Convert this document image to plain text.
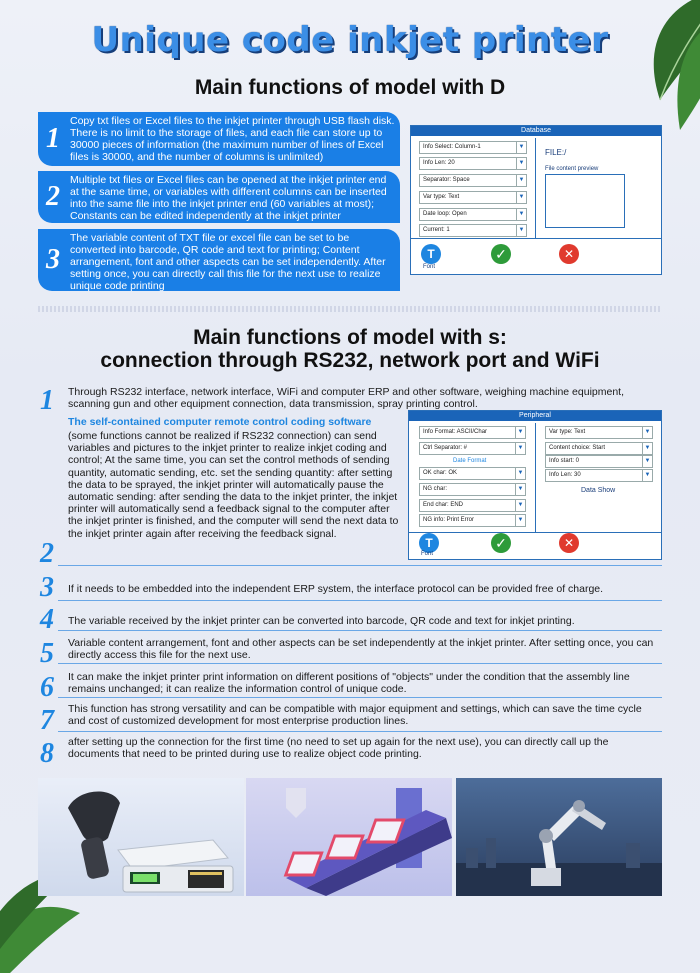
Unique code inkjet printer
Main functions of model with D
1
Copy txt files or Excel files to the inkjet printer through USB flash disk. There is no limit to the storage of files, and each file can store up to 30000 pieces of information (the maximum number of lines of Excel files is 30000, and the number of columns is unlimited)
2
Multiple txt files or Excel files can be opened at the inkjet printer end at the same time, or variables with different columns can be inserted into the same file into the inkjet printer end (60 variables at most); Constants can be edited independently at the inkjet printer
3
The variable content of TXT file or excel file can be set to be converted into barcode, QR code and text for printing; Content arrangement, font and other aspects can be set independently. After setting once, you can directly call this file for the next use to realize unique code printing
Database
Info Select: Column-1	▼
Info Len: 20	▼
Separator: Space	▼
Var type: Text	▼
Date loop: Open	▼
Current: 1	▼
FILE:/
File content preview
T
Font
✓	✕
Main functions of model with s:
connection through RS232, network port and WiFi
1 Through RS232 interface, network interface, WiFi and computer ERP and other software, weighing machine equipment, scanning gun and other equipment connection, data transmission, spray printing control.
The self-contained computer remote control coding software
(some functions cannot be realized if RS232 connection) can send variables and pictures to the inkjet printer to realize inkjet coding and control; At the same time, you can set the control methods of sending quantity, automatic sending, etc. set the sending quantity: after setting the data to be sprayed, the inkjet printer will automatically pause the automatic sending: after sending the data to the inkjet printer, the inkjet printer will automatically send a feedback signal to the computer after the inkjet printer is finished, and the computer will send the next data to the inkjet printer again after receiving the feedback signal.
2
Peripheral
Info Format: ASCII/Char	▼
Ctrl Separator: #	▼
Date Format
OK char: OK	▼
NG char:	▼
End char: END	▼
NG info: Print Error	▼
Var type: Text	▼
Content choice: Start	▼
Info start: 0	▼
Info Len: 30	▼
Data Show
T
Font
✓	✕
3 If it needs to be embedded into the independent ERP system, the interface protocol can be provided free of charge.
4 The variable received by the inkjet printer can be converted into barcode, QR code and text for inkjet printing.
5 Variable content arrangement, font and other aspects can be set independently at the inkjet printer. After setting once, you can directly access this file for the next use.
6 It can make the inkjet printer print information on different positions of "objects" under the condition that the assembly line remains unchanged; it can realize the information control of unique code.
7 This function has strong versatility and can be compatible with major equipment and settings, which can save the time cycle and cost of customized development for most enterprise production lines.
8 after setting up the connection for the first time (no need to set up again for the next use), you can directly call up the documents that need to be printed during use to realize object code printing.
